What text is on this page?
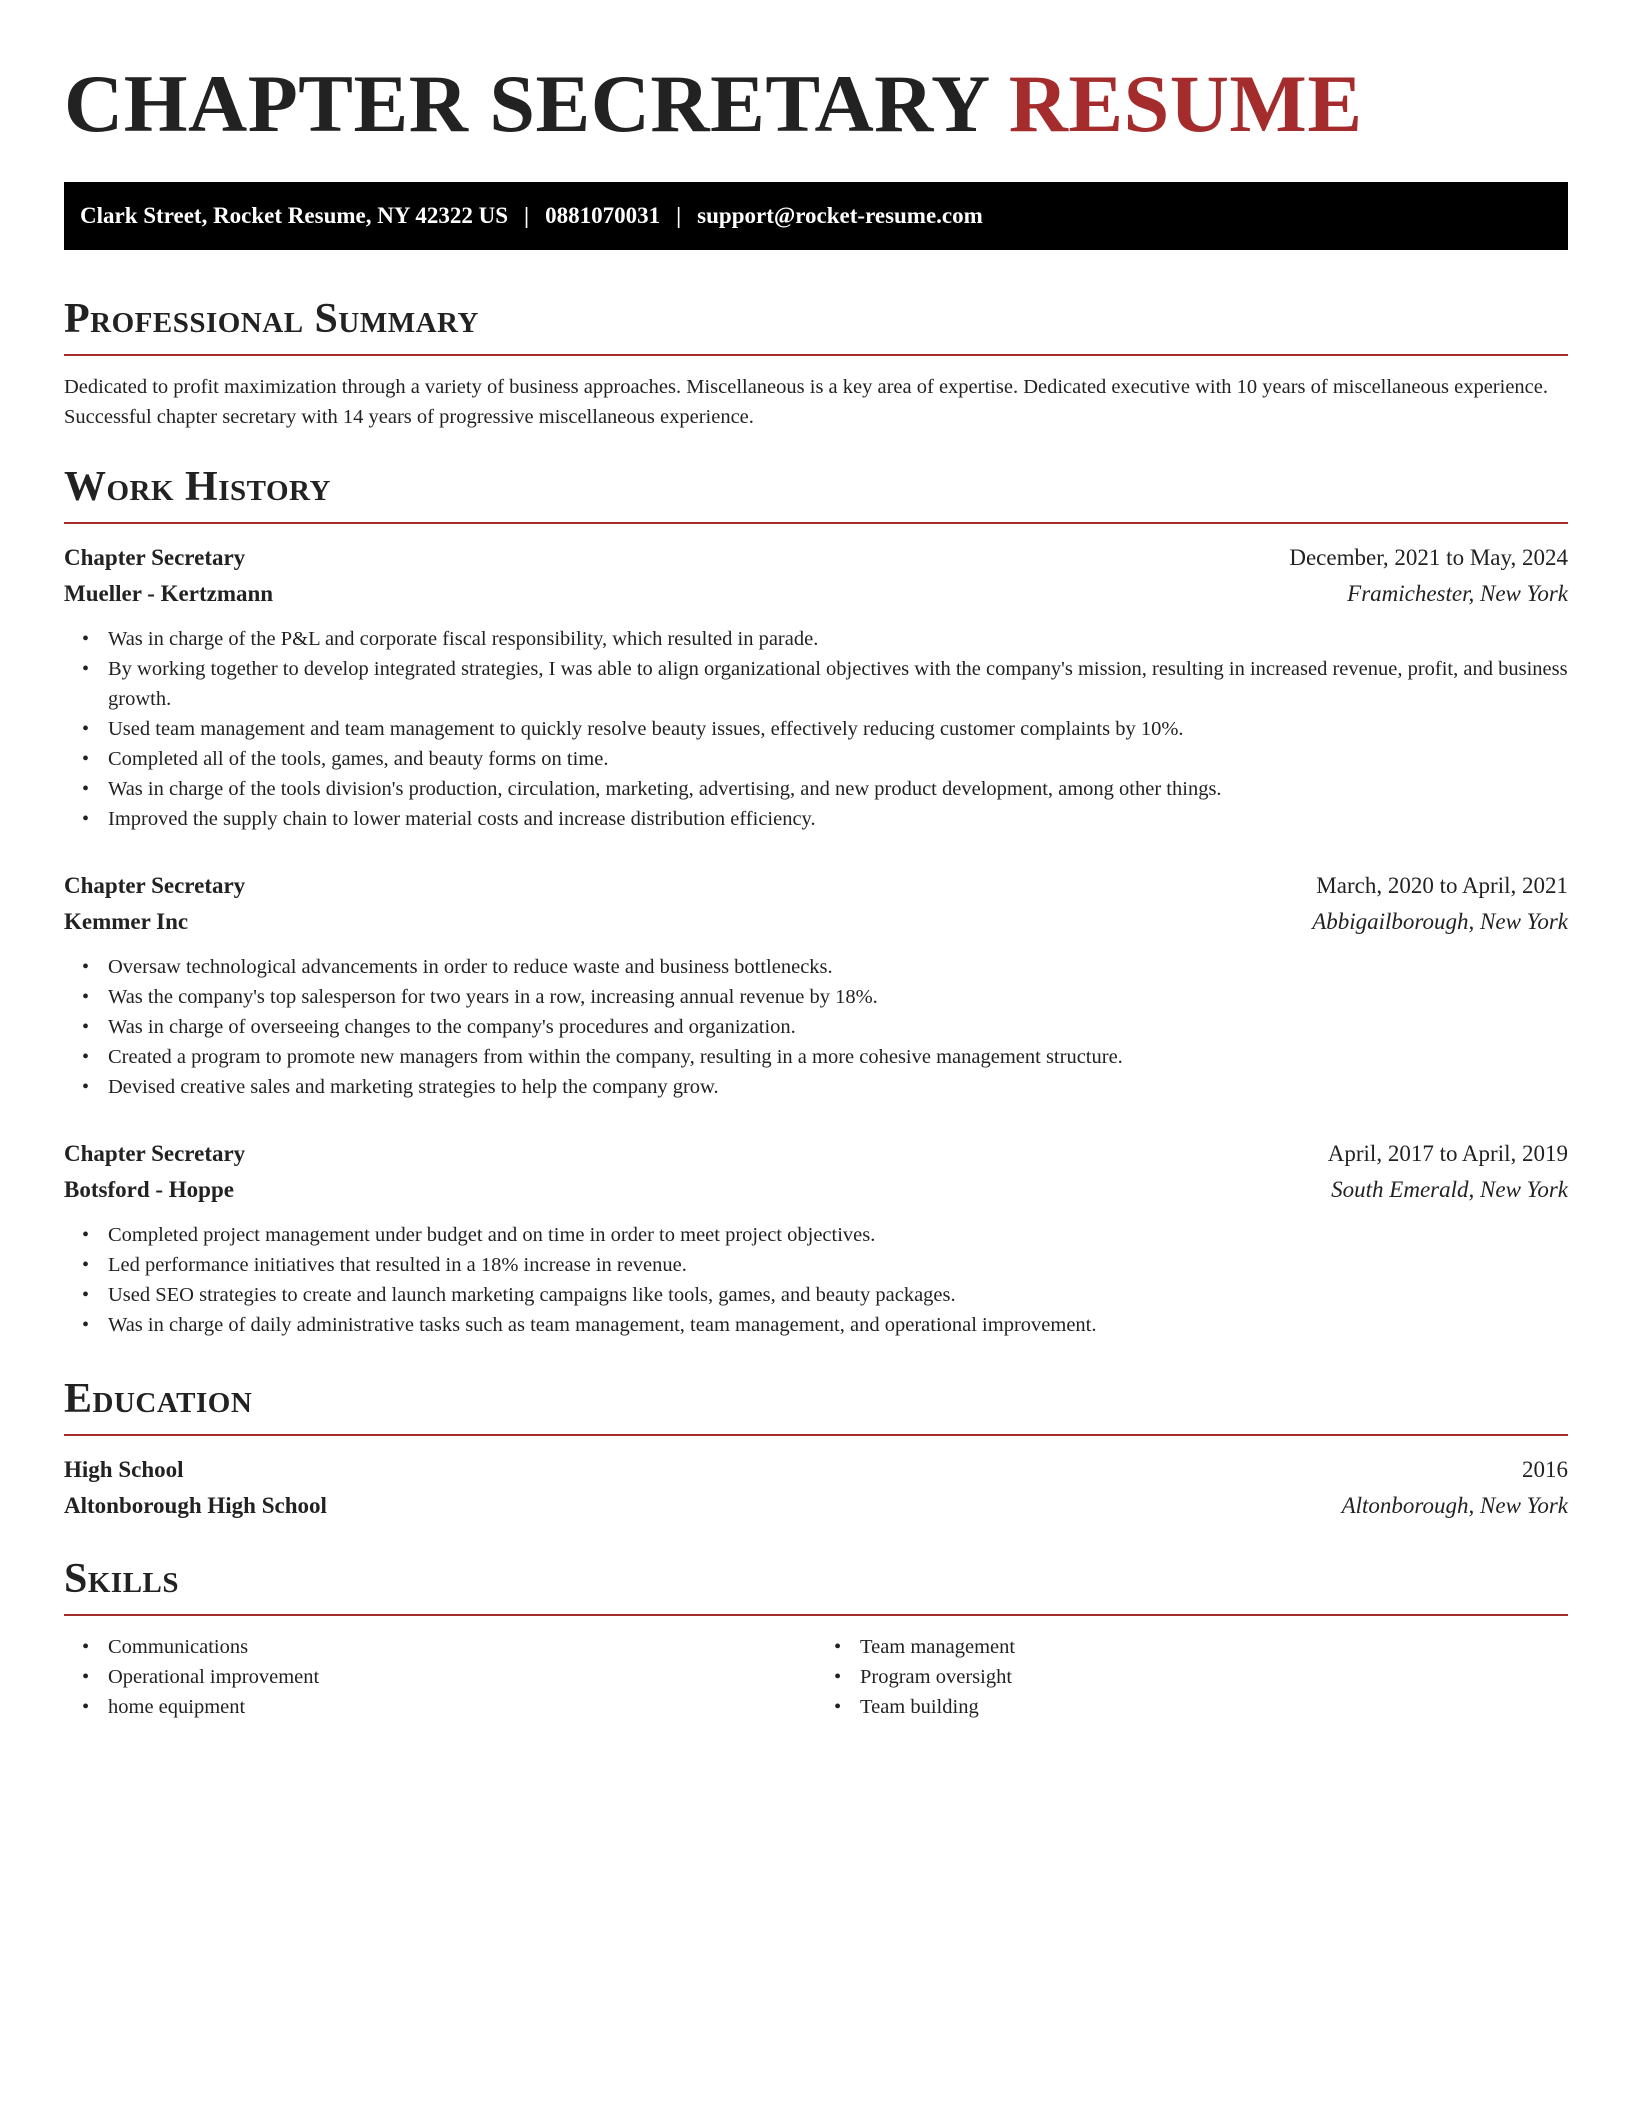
CHAPTER SECRETARY RESUME
Clark Street, Rocket Resume, NY 42322 US | 0881070031 | support@rocket-resume.com
Professional Summary

Dedicated to profit maximization through a variety of business approaches. Miscellaneous is a key area of expertise. Dedicated executive with 10 years of miscellaneous experience. Successful chapter secretary with 14 years of progressive miscellaneous experience.

Work History
Chapter Secretary	December, 2021 to May, 2024
Mueller - Kertzmann	Framichester, New York
• Was in charge of the P&L and corporate fiscal responsibility, which resulted in parade.
• By working together to develop integrated strategies, I was able to align organizational objectives with the company's mission, resulting in increased revenue, profit, and business growth.
• Used team management and team management to quickly resolve beauty issues, effectively reducing customer complaints by 10%.
• Completed all of the tools, games, and beauty forms on time.
• Was in charge of the tools division's production, circulation, marketing, advertising, and new product development, among other things.
• Improved the supply chain to lower material costs and increase distribution efficiency.
Chapter Secretary	March, 2020 to April, 2021
Kemmer Inc	Abbigailborough, New York
• Oversaw technological advancements in order to reduce waste and business bottlenecks.
• Was the company's top salesperson for two years in a row, increasing annual revenue by 18%.
• Was in charge of overseeing changes to the company's procedures and organization.
• Created a program to promote new managers from within the company, resulting in a more cohesive management structure.
• Devised creative sales and marketing strategies to help the company grow.
Chapter Secretary	April, 2017 to April, 2019
Botsford - Hoppe	South Emerald, New York
• Completed project management under budget and on time in order to meet project objectives.
• Led performance initiatives that resulted in a 18% increase in revenue.
• Used SEO strategies to create and launch marketing campaigns like tools, games, and beauty packages.
• Was in charge of daily administrative tasks such as team management, team management, and operational improvement.
Education
High School	2016
Altonborough High School	Altonborough, New York
Skills
• Communications
• Operational improvement
• home equipment
• Team management
• Program oversight
• Team building
